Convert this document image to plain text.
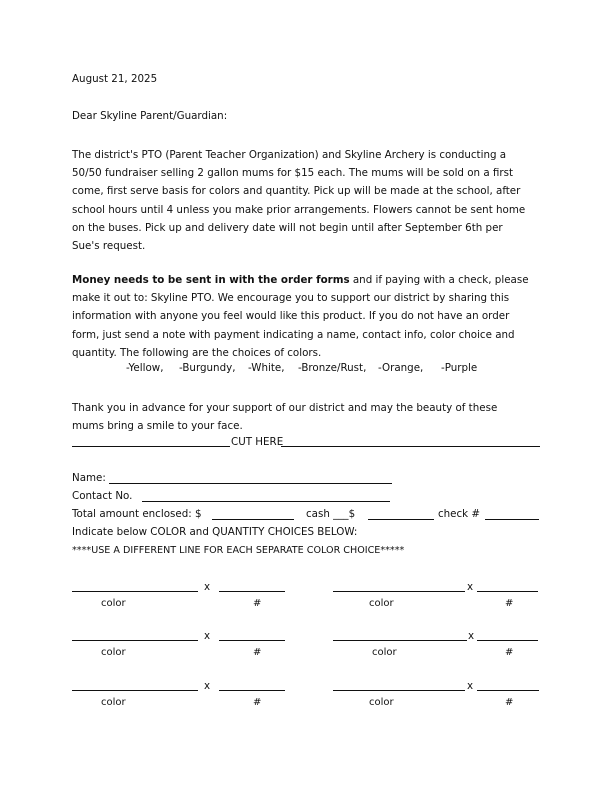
August 21, 2025
Dear Skyline Parent/Guardian:
The district's PTO (Parent Teacher Organization) and Skyline Archery is conducting a
50/50 fundraiser selling 2 gallon mums for $15 each. The mums will be sold on a first
come, first serve basis for colors and quantity. Pick up will be made at the school, after
school hours until 4 unless you make prior arrangements. Flowers cannot be sent home
on the buses. Pick up and delivery date will not begin until after September 6th per
Sue's request.
Money needs to be sent in with the order forms and if paying with a check, please
make it out to: Skyline PTO. We encourage you to support our district by sharing this
information with anyone you feel would like this product. If you do not have an order
form, just send a note with payment indicating a name, contact info, color choice and
quantity. The following are the choices of colors.
-Yellow, -Burgundy, -White, -Bronze/Rust, -Orange, -Purple
Thank you in advance for your support of our district and may the beauty of these
mums bring a smile to your face.
CUT HERE
Name:
Contact No.
Total amount enclosed: $	cash ___$	check #
Indicate below COLOR and QUANTITY CHOICES BELOW:
****USE A DIFFERENT LINE FOR EACH SEPARATE COLOR CHOICE*****
x
color	#
x
color	#
x
color	#
x
color	#
x
color	#
x
color	#
